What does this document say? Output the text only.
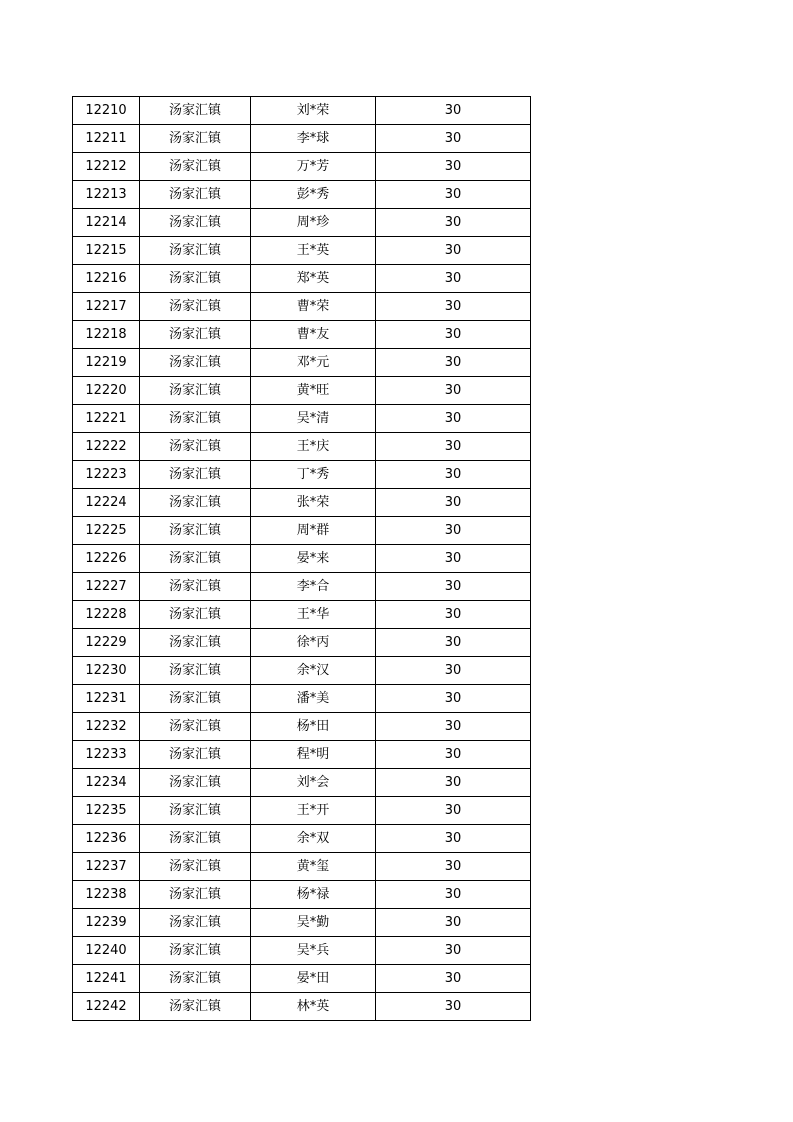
12210	汤家汇镇	刘*荣	30
12211	汤家汇镇	李*球	30
12212	汤家汇镇	万*芳	30
12213	汤家汇镇	彭*秀	30
12214	汤家汇镇	周*珍	30
12215	汤家汇镇	王*英	30
12216	汤家汇镇	郑*英	30
12217	汤家汇镇	曹*荣	30
12218	汤家汇镇	曹*友	30
12219	汤家汇镇	邓*元	30
12220	汤家汇镇	黄*旺	30
12221	汤家汇镇	吴*清	30
12222	汤家汇镇	王*庆	30
12223	汤家汇镇	丁*秀	30
12224	汤家汇镇	张*荣	30
12225	汤家汇镇	周*群	30
12226	汤家汇镇	晏*来	30
12227	汤家汇镇	李*合	30
12228	汤家汇镇	王*华	30
12229	汤家汇镇	徐*丙	30
12230	汤家汇镇	余*汉	30
12231	汤家汇镇	潘*美	30
12232	汤家汇镇	杨*田	30
12233	汤家汇镇	程*明	30
12234	汤家汇镇	刘*会	30
12235	汤家汇镇	王*开	30
12236	汤家汇镇	余*双	30
12237	汤家汇镇	黄*玺	30
12238	汤家汇镇	杨*禄	30
12239	汤家汇镇	吴*勤	30
12240	汤家汇镇	吴*兵	30
12241	汤家汇镇	晏*田	30
12242	汤家汇镇	林*英	30
